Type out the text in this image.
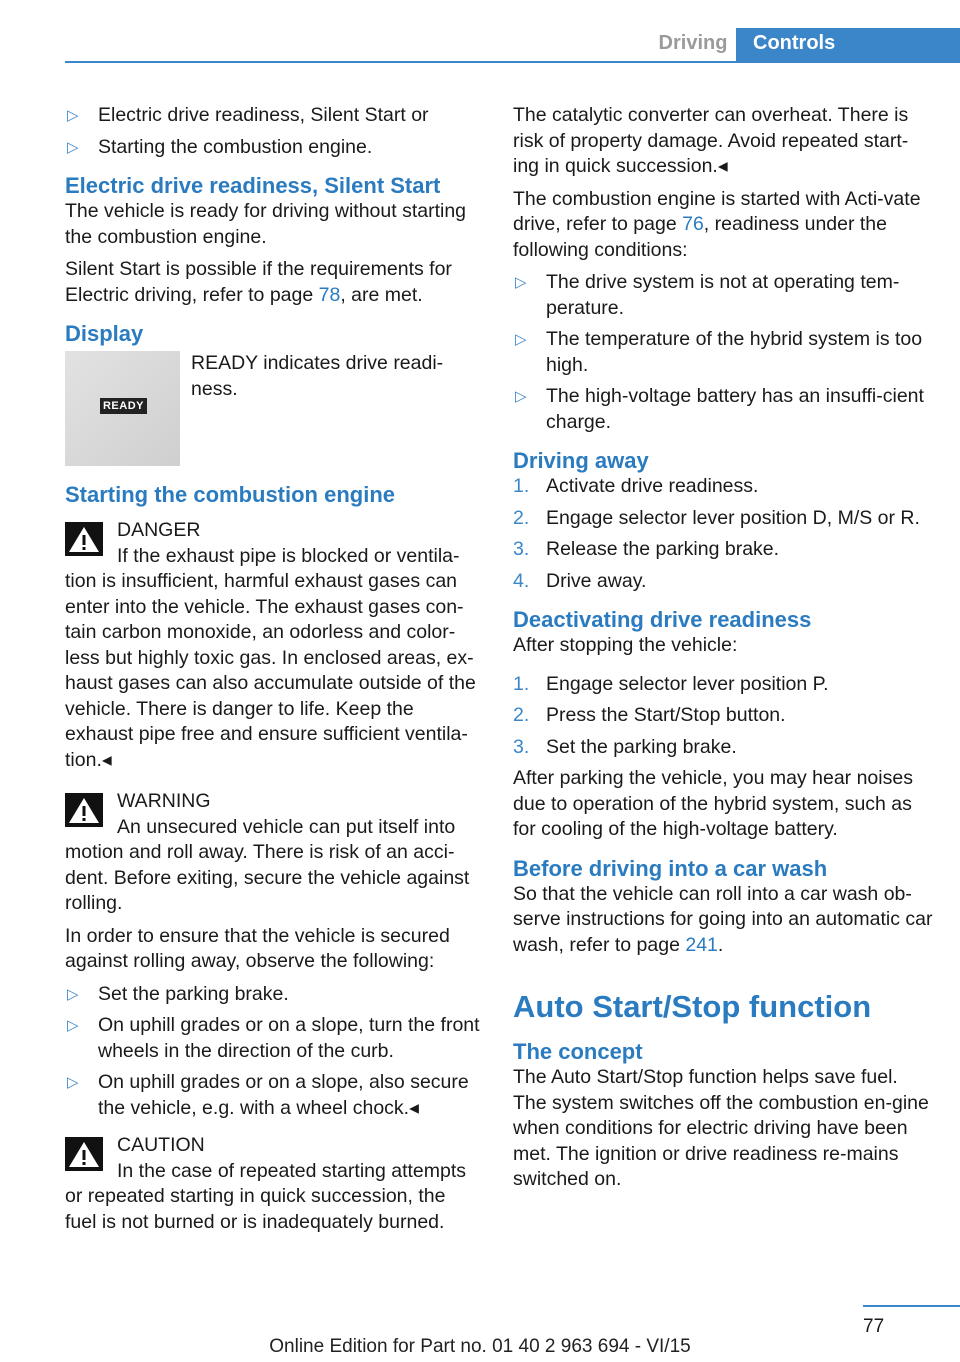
Driving	Controls
▷ Electric drive readiness, Silent Start or
▷ Starting the combustion engine.
Electric drive readiness, Silent Start

The vehicle is ready for driving without starting the combustion engine.

Silent Start is possible if the requirements for Electric driving, refer to page 78, are met.

Display
READY
READY indicates drive readi-ness.
Starting the combustion engine
DANGER

If the exhaust pipe is blocked or ventila-tion is insufficient, harmful exhaust gases can enter into the vehicle. The exhaust gases con-tain carbon monoxide, an odorless and color-less but highly toxic gas. In enclosed areas, ex-haust gases can also accumulate outside of the vehicle. There is danger to life. Keep the exhaust pipe free and ensure sufficient ventila-tion.◂

WARNING

An unsecured vehicle can put itself into motion and roll away. There is risk of an acci-dent. Before exiting, secure the vehicle against rolling.

In order to ensure that the vehicle is secured against rolling away, observe the following:

▷ Set the parking brake.
▷ On uphill grades or on a slope, turn the front wheels in the direction of the curb.
▷ On uphill grades or on a slope, also secure the vehicle, e.g. with a wheel chock.◂
CAUTION

In the case of repeated starting attempts or repeated starting in quick succession, the fuel is not burned or is inadequately burned.

The catalytic converter can overheat. There is risk of property damage. Avoid repeated start-ing in quick succession.◂

The combustion engine is started with Acti-vate drive, refer to page 76, readiness under the following conditions:

▷ The drive system is not at operating tem-perature.
▷ The temperature of the hybrid system is too high.
▷ The high-voltage battery has an insuffi-cient charge.
Driving away
1. Activate drive readiness.
2. Engage selector lever position D, M/S or R.
3. Release the parking brake.
4. Drive away.
Deactivating drive readiness

After stopping the vehicle:

1. Engage selector lever position P.
2. Press the Start/Stop button.
3. Set the parking brake.

After parking the vehicle, you may hear noises due to operation of the hybrid system, such as for cooling of the high-voltage battery.

Before driving into a car wash

So that the vehicle can roll into a car wash ob-serve instructions for going into an automatic car wash, refer to page 241.

Auto Start/Stop function
The concept

The Auto Start/Stop function helps save fuel. The system switches off the combustion en-gine when conditions for electric driving have been met. The ignition or drive readiness re-mains switched on.

77
Online Edition for Part no. 01 40 2 963 694 - VI/15
